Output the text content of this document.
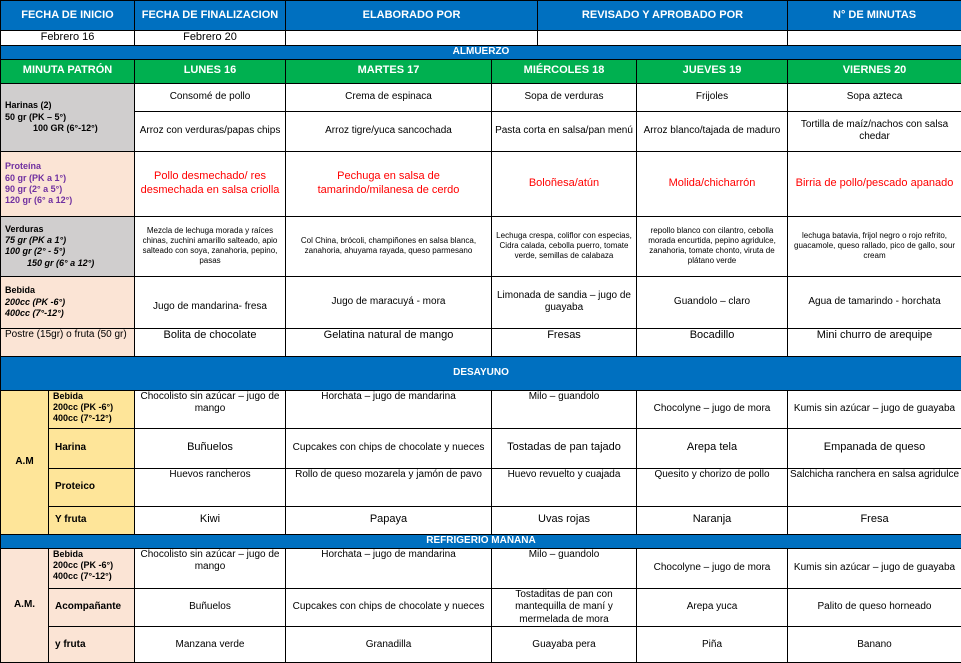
FECHA DE INICIO		FECHA DE FINALIZACION	ELABORADO POR		REVISADO Y APROBADO POR		N° DE MINUTAS
Febrero 16		Febrero 20					
ALMUERZO							
MINUTA PATRÓN		LUNES 16	MARTES 17	MIÉRCOLES 18		JUEVES 19	VIERNES 20

Harinas (2)
50 gr (PK – 5°)
100 GR (6°-12°)		Consomé de pollo	Crema de espinaca	Sopa de verduras		Frijoles	Sopa azteca
		Arroz con verduras/papas chips	Arroz tigre/yuca sancochada	Pasta corta en salsa/pan menú		Arroz blanco/tajada de maduro	Tortilla de maíz/nachos con salsa chedar

Proteína
60 gr (PK a 1°)
90 gr (2° a 5°)
120 gr (6° a 12°)		Pollo desmechado/ res desmechada en salsa criolla	Pechuga en salsa de tamarindo/milanesa de cerdo	Boloñesa/atún		Molida/chicharrón	Birria de pollo/pescado apanado

Verduras
75 gr (PK a 1°)
100 gr (2° - 5°)
150 gr (6° a 12°)		Mezcla de lechuga morada y raíces chinas, zuchini amarillo salteado, apio salteado con soya, zanahoria, pepino, pasas	Col China, brócoli, champiñones en salsa blanca, zanahoria, ahuyama rayada, queso parmesano	Lechuga crespa, coliflor con especias, Cidra calada, cebolla puerro, tomate verde, semillas de calabaza		repollo blanco con cilantro, cebolla morada encurtida, pepino agridulce, zanahoria, tomate chonto, viruta de plátano verde	lechuga batavia, frijol negro o rojo refrito, guacamole, queso rallado, pico de gallo, sour cream

Bebida
200cc (PK -6°)
400cc (7°-12°)		Jugo de mandarina- fresa	Jugo de maracuyá - mora	Limonada de sandia – jugo de guayaba		Guandolo – claro	Agua de tamarindo - horchata
Postre (15gr) o fruta (50 gr)		Bolita de chocolate	Gelatina natural de mango	Fresas		Bocadillo	Mini churro de arequipe
DESAYUNO							
A.M	Bebida
200cc (PK -6°)
400cc (7°-12°)	Chocolisto sin azúcar – jugo de mango	Horchata – jugo de mandarina	Milo – guandolo		Chocolyne – jugo de mora	Kumis sin azúcar – jugo de guayaba
	Harina	Buñuelos	Cupcakes con chips de chocolate y nueces	Tostadas de pan tajado		Arepa tela	Empanada de queso
	Proteico	Huevos rancheros	Rollo de queso mozarela y jamón de pavo	Huevo revuelto y cuajada		Quesito y chorizo de pollo	Salchicha ranchera en salsa agridulce
	Y fruta	Kiwi	Papaya	Uvas rojas		Naranja	Fresa
REFRIGERIO MAÑANA							
A.M.	Bebida
200cc (PK -6°)
400cc (7°-12°)	Chocolisto sin azúcar – jugo de mango	Horchata – jugo de mandarina	Milo – guandolo		Chocolyne – jugo de mora	Kumis sin azúcar – jugo de guayaba
	Acompañante	Buñuelos	Cupcakes con chips de chocolate y nueces	Tostaditas de pan con mantequilla de maní y mermelada de mora		Arepa yuca	Palito de queso horneado
	y fruta	Manzana verde	Granadilla	Guayaba pera		Piña	Banano
